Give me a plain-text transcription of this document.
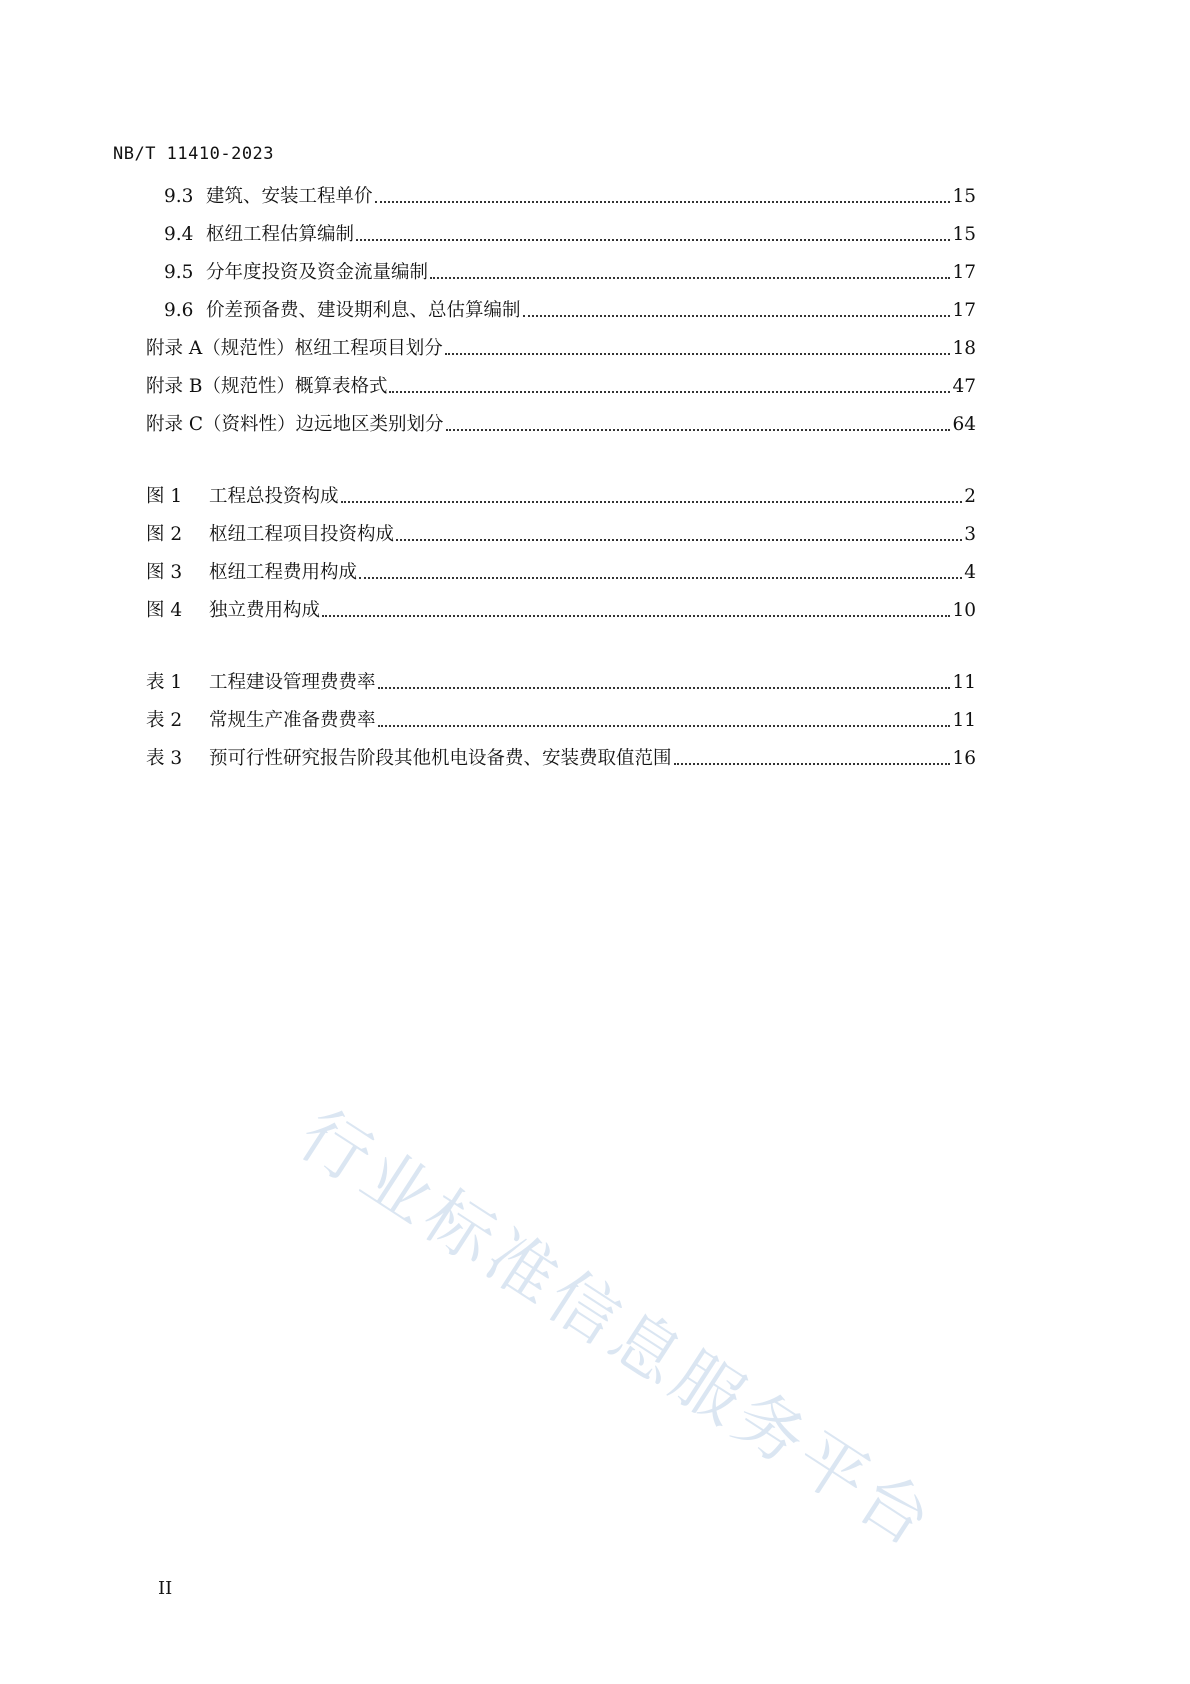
NB/T 11410-2023
9.3 建筑、安装工程单价	15
9.4 枢纽工程估算编制	15
9.5 分年度投资及资金流量编制	17
9.6 价差预备费、建设期利息、总估算编制	17
附录 A（规范性）枢纽工程项目划分	18
附录 B（规范性）概算表格式	47
附录 C（资料性）边远地区类别划分	64
图 1	工程总投资构成	2
图 2	枢纽工程项目投资构成	3
图 3	枢纽工程费用构成	4
图 4	独立费用构成	10
表 1	工程建设管理费费率	11
表 2	常规生产准备费费率	11
表 3	预可行性研究报告阶段其他机电设备费、安装费取值范围	16
行业标准信息服务平台
II
